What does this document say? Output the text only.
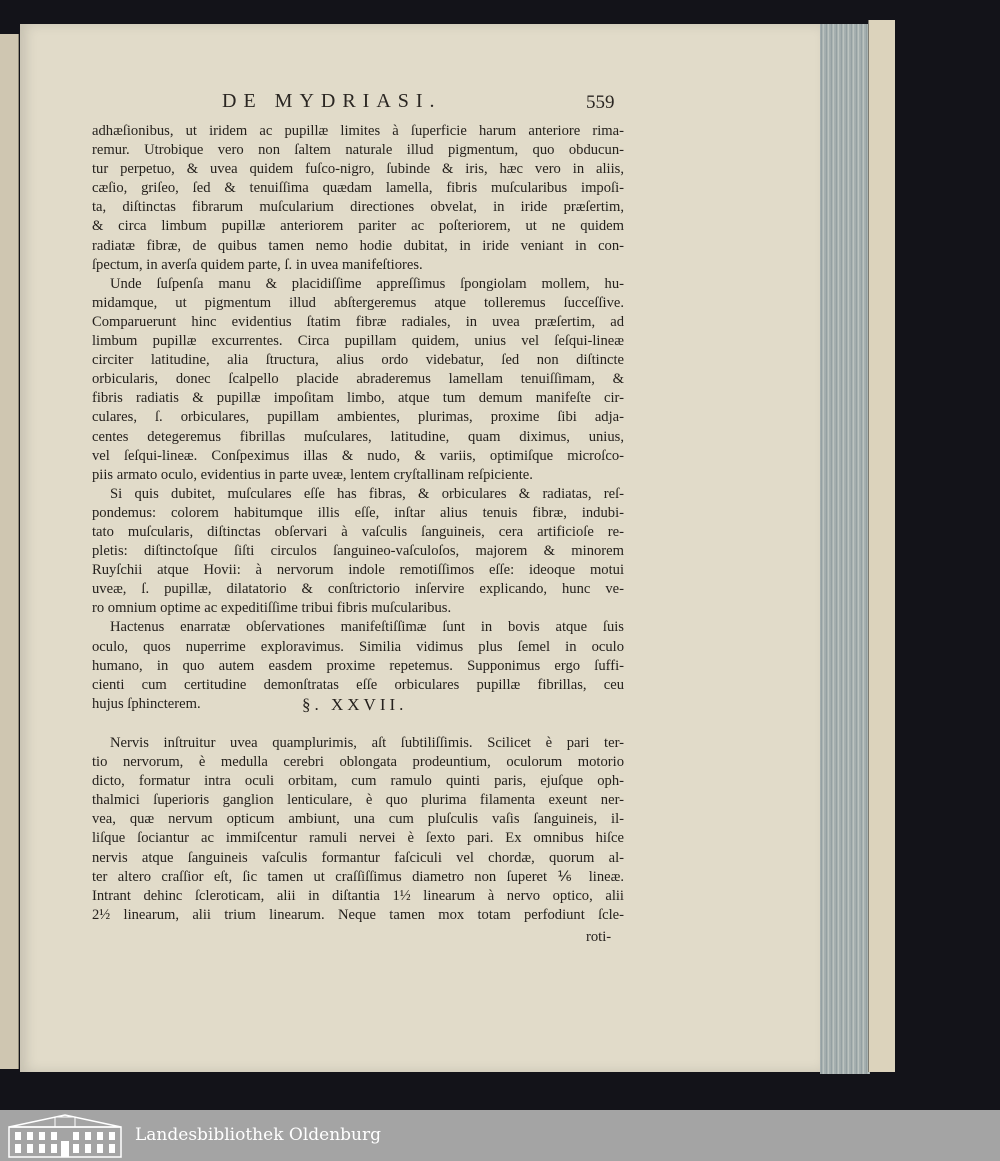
DE MYDRIASI.	559
adhæſionibus, ut iridem ac pupillæ limites à ſuperficie harum anteriore rima-
remur. Utrobique vero non ſaltem naturale illud pigmentum, quo obducun-
tur perpetuo, & uvea quidem fuſco-nigro, ſubinde & iris, hæc vero in aliis,
cæſio, griſeo, ſed & tenuiſſima quædam lamella, fibris muſcularibus impoſi-
ta, diſtinctas fibrarum muſcularium directiones obvelat, in iride præſertim,
& circa limbum pupillæ anteriorem pariter ac poſteriorem, ut ne quidem
radiatæ fibræ, de quibus tamen nemo hodie dubitat, in iride veniant in con-
ſpectum, in averſa quidem parte, ſ. in uvea manifeſtiores.
Unde ſuſpenſa manu & placidiſſime appreſſimus ſpongiolam mollem, hu-
midamque, ut pigmentum illud abſtergeremus atque tolleremus ſucceſſive.
Comparuerunt hinc evidentius ſtatim fibræ radiales, in uvea præſertim, ad
limbum pupillæ excurrentes. Circa pupillam quidem, unius vel ſeſqui-lineæ
circiter latitudine, alia ſtructura, alius ordo videbatur, ſed non diſtincte
orbicularis, donec ſcalpello placide abraderemus lamellam tenuiſſimam, &
fibris radiatis & pupillæ impoſitam limbo, atque tum demum manifeſte cir-
culares, ſ. orbiculares, pupillam ambientes, plurimas, proxime ſibi adja-
centes detegeremus fibrillas muſculares, latitudine, quam diximus, unius,
vel ſeſqui-lineæ. Conſpeximus illas & nudo, & variis, optimiſque microſco-
piis armato oculo, evidentius in parte uveæ, lentem cryſtallinam reſpiciente.
Si quis dubitet, muſculares eſſe has fibras, & orbiculares & radiatas, reſ-
pondemus: colorem habitumque illis eſſe, inſtar alius tenuis fibræ, indubi-
tato muſcularis, diſtinctas obſervari à vaſculis ſanguineis, cera artificioſe re-
pletis: diſtinctoſque ſiſti circulos ſanguineo-vaſculoſos, majorem & minorem
Ruyſchii atque Hovii: à nervorum indole remotiſſimos eſſe: ideoque motui
uveæ, ſ. pupillæ, dilatatorio & conſtrictorio inſervire explicando, hunc ve-
ro omnium optime ac expeditiſſime tribui fibris muſcularibus.
Hactenus enarratæ obſervationes manifeſtiſſimæ ſunt in bovis atque ſuis
oculo, quos nuperrime exploravimus. Similia vidimus plus ſemel in oculo
humano, in quo autem easdem proxime repetemus. Supponimus ergo ſuffi-
cienti cum certitudine demonſtratas eſſe orbiculares pupillæ fibrillas, ceu
hujus ſphincterem.	§. XXVII.
Nervis inſtruitur uvea quamplurimis, aſt ſubtiliſſimis. Scilicet è pari ter-
tio nervorum, è medulla cerebri oblongata prodeuntium, oculorum motorio
dicto, formatur intra oculi orbitam, cum ramulo quinti paris, ejuſque oph-
thalmici ſuperioris ganglion lenticulare, è quo plurima filamenta exeunt ner-
vea, quæ nervum opticum ambiunt, una cum pluſculis vaſis ſanguineis, il-
liſque ſociantur ac immiſcentur ramuli nervei è ſexto pari. Ex omnibus hiſce
nervis atque ſanguineis vaſculis formantur faſciculi vel chordæ, quorum al-
ter altero craſſior eſt, ſic tamen ut craſſiſſimus diametro non ſuperet ⅙ lineæ.
Intrant dehinc ſcleroticam, alii in diſtantia 1½ linearum à nervo optico, alii
2½ linearum, alii trium linearum. Neque tamen mox totam perfodiunt ſcle-
roti-
Landesbibliothek Oldenburg
